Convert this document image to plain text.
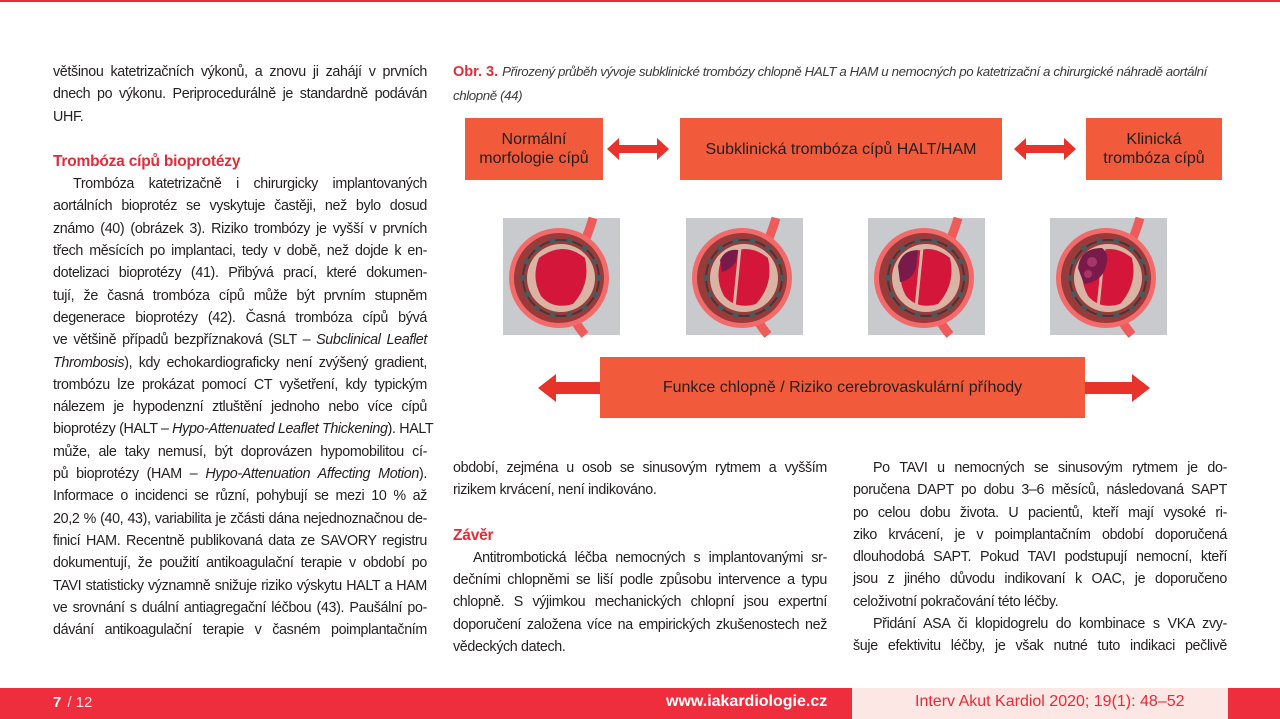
většinou katetrizačních výkonů, a znovu ji zahájí v prvních
dnech po výkonu. Periprocedurálně je standardně podáván
UHF.
Trombóza cípů bioprotézy
Trombóza katetrizačně i chirurgicky implantovaných
aortálních bioprotéz se vyskytuje častěji, než bylo dosud
známo (40) (obrázek 3). Riziko trombózy je vyšší v prvních
třech měsících po implantaci, tedy v době, než dojde k en-
dotelizaci bioprotézy (41). Přibývá prací, které dokumen-
tují, že časná trombóza cípů může být prvním stupněm
degenerace bioprotézy (42). Časná trombóza cípů bývá
ve většině případů bezpříznaková (SLT – Subclinical Leaflet
Thrombosis), kdy echokardiograficky není zvýšený gradient,
trombózu lze prokázat pomocí CT vyšetření, kdy typickým
nálezem je hypodenzní ztluštění jednoho nebo více cípů
bioprotézy (HALT – Hypo-Attenuated Leaflet Thickening). HALT
může, ale taky nemusí, být doprovázen hypomobilitou cí-
pů bioprotézy (HAM – Hypo-Attenuation Affecting Motion).
Informace o incidenci se různí, pohybují se mezi 10 % až
20,2 % (40, 43), variabilita je zčásti dána nejednoznačnou de-
finicí HAM. Recentně publikovaná data ze SAVORY registru
dokumentují, že použití antikoagulační terapie v období po
TAVI statisticky významně snižuje riziko výskytu HALT a HAM
ve srovnání s duální antiagregační léčbou (43). Paušální po-
dávání antikoagulační terapie v časném poimplantačním
období, zejména u osob se sinusovým rytmem a vyšším
rizikem krvácení, není indikováno.
Závěr
Antitrombotická léčba nemocných s implantovanými sr-
dečními chlopněmi se liší podle způsobu intervence a typu
chlopně. S výjimkou mechanických chlopní jsou expertní
doporučení založena více na empirických zkušenostech než
vědeckých datech.
Po TAVI u nemocných se sinusovým rytmem je do-
poručena DAPT po dobu 3–6 měsíců, následovaná SAPT
po celou dobu života. U pacientů, kteří mají vysoké ri-
ziko krvácení, je v poimplantačním období doporučená
dlouhodobá SAPT. Pokud TAVI podstupují nemocní, kteří
jsou z jiného důvodu indikovaní k OAC, je doporučeno
celoživotní pokračování této léčby.
Přidání ASA či klopidogrelu do kombinace s VKA zvy-
šuje efektivitu léčby, je však nutné tuto indikaci pečlivě
Obr. 3. Přirozený průběh vývoje subklinické trombózy chlopně HALT a HAM u nemocných po katetrizační a chirurgické náhradě aortální chlopně (44)
Normální morfologie cípů
Subklinická trombóza cípů HALT/HAM
Klinická trombóza cípů
Funkce chlopně / Riziko cerebrovaskulární příhody
7 / 12	www.iakardiologie.cz	Interv Akut Kardiol 2020; 19(1): 48–52
